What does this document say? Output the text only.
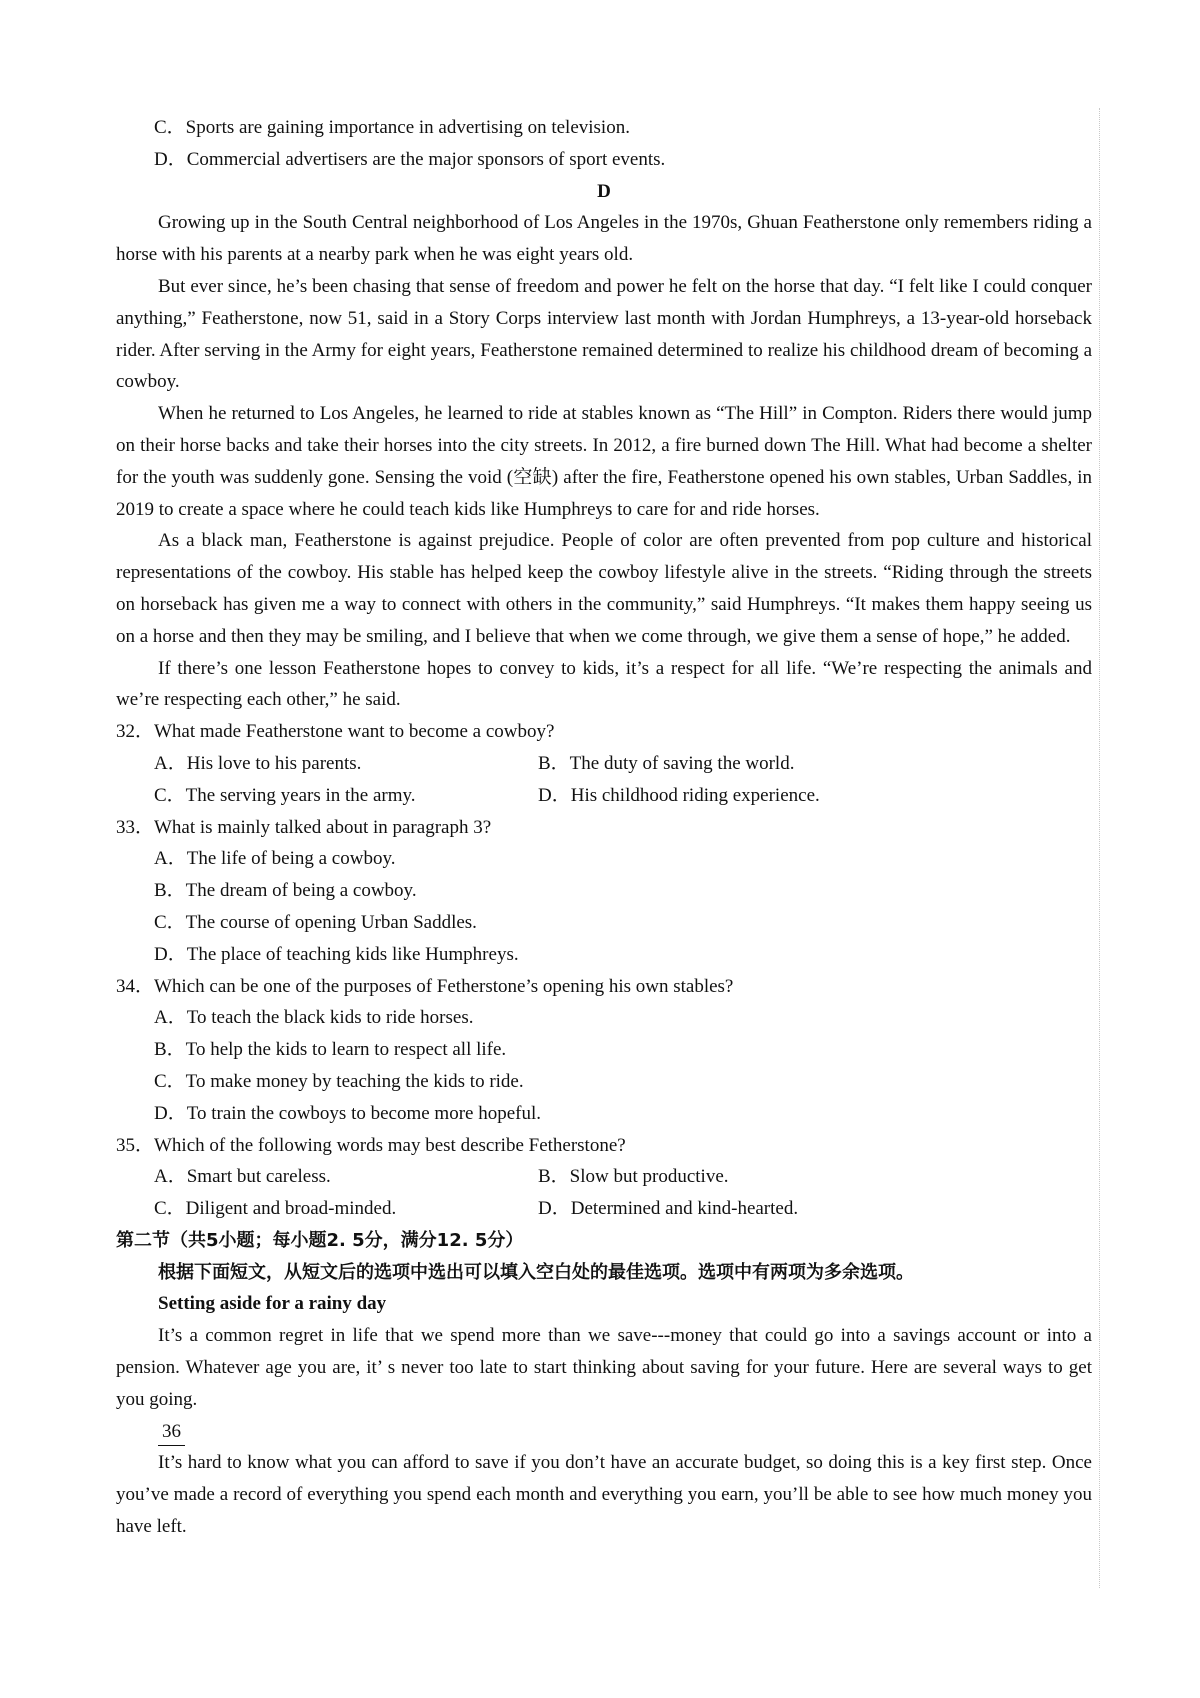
C．Sports are gaining importance in advertising on television.
D．Commercial advertisers are the major sponsors of sport events.
D

Growing up in the South Central neighborhood of Los Angeles in the 1970s, Ghuan Featherstone only remembers riding a horse with his parents at a nearby park when he was eight years old.

But ever since, he’s been chasing that sense of freedom and power he felt on the horse that day. “I felt like I could conquer anything,” Featherstone, now 51, said in a Story Corps interview last month with Jordan Humphreys, a 13-year-old horseback rider. After serving in the Army for eight years, Featherstone remained determined to realize his childhood dream of becoming a cowboy.

When he returned to Los Angeles, he learned to ride at stables known as “The Hill” in Compton. Riders there would jump on their horse backs and take their horses into the city streets. In 2012, a fire burned down The Hill. What had become a shelter for the youth was suddenly gone. Sensing the void (空缺) after the fire, Featherstone opened his own stables, Urban Saddles, in 2019 to create a space where he could teach kids like Humphreys to care for and ride horses.

As a black man, Featherstone is against prejudice. People of color are often prevented from pop culture and historical representations of the cowboy. His stable has helped keep the cowboy lifestyle alive in the streets. “Riding through the streets on horseback has given me a way to connect with others in the community,” said Humphreys. “It makes them happy seeing us on a horse and then they may be smiling, and I believe that when we come through, we give them a sense of hope,” he added.

If there’s one lesson Featherstone hopes to convey to kids, it’s a respect for all life. “We’re respecting the animals and we’re respecting each other,” he said.

32．What made Featherstone want to become a cowboy?
A．His love to his parents.	B．The duty of saving the world.
C．The serving years in the army.	D．His childhood riding experience.
33．What is mainly talked about in paragraph 3?
A．The life of being a cowboy.
B．The dream of being a cowboy.
C．The course of opening Urban Saddles.
D．The place of teaching kids like Humphreys.
34．Which can be one of the purposes of Fetherstone’s opening his own stables?
A．To teach the black kids to ride horses.
B．To help the kids to learn to respect all life.
C．To make money by teaching the kids to ride.
D．To train the cowboys to become more hopeful.
35．Which of the following words may best describe Fetherstone?
A．Smart but careless.	B．Slow but productive.
C．Diligent and broad-minded.	D．Determined and kind-hearted.
第二节（共5小题；每小题2. 5分，满分12. 5分）
根据下面短文，从短文后的选项中选出可以填入空白处的最佳选项。选项中有两项为多余选项。
Setting aside for a rainy day

It’s a common regret in life that we spend more than we save---money that could go into a savings account or into a pension. Whatever age you are, it’ s never too late to start thinking about saving for your future. Here are several ways to get you going.

36

It’s hard to know what you can afford to save if you don’t have an accurate budget, so doing this is a key first step. Once you’ve made a record of everything you spend each month and everything you earn, you’ll be able to see how much money you have left.
